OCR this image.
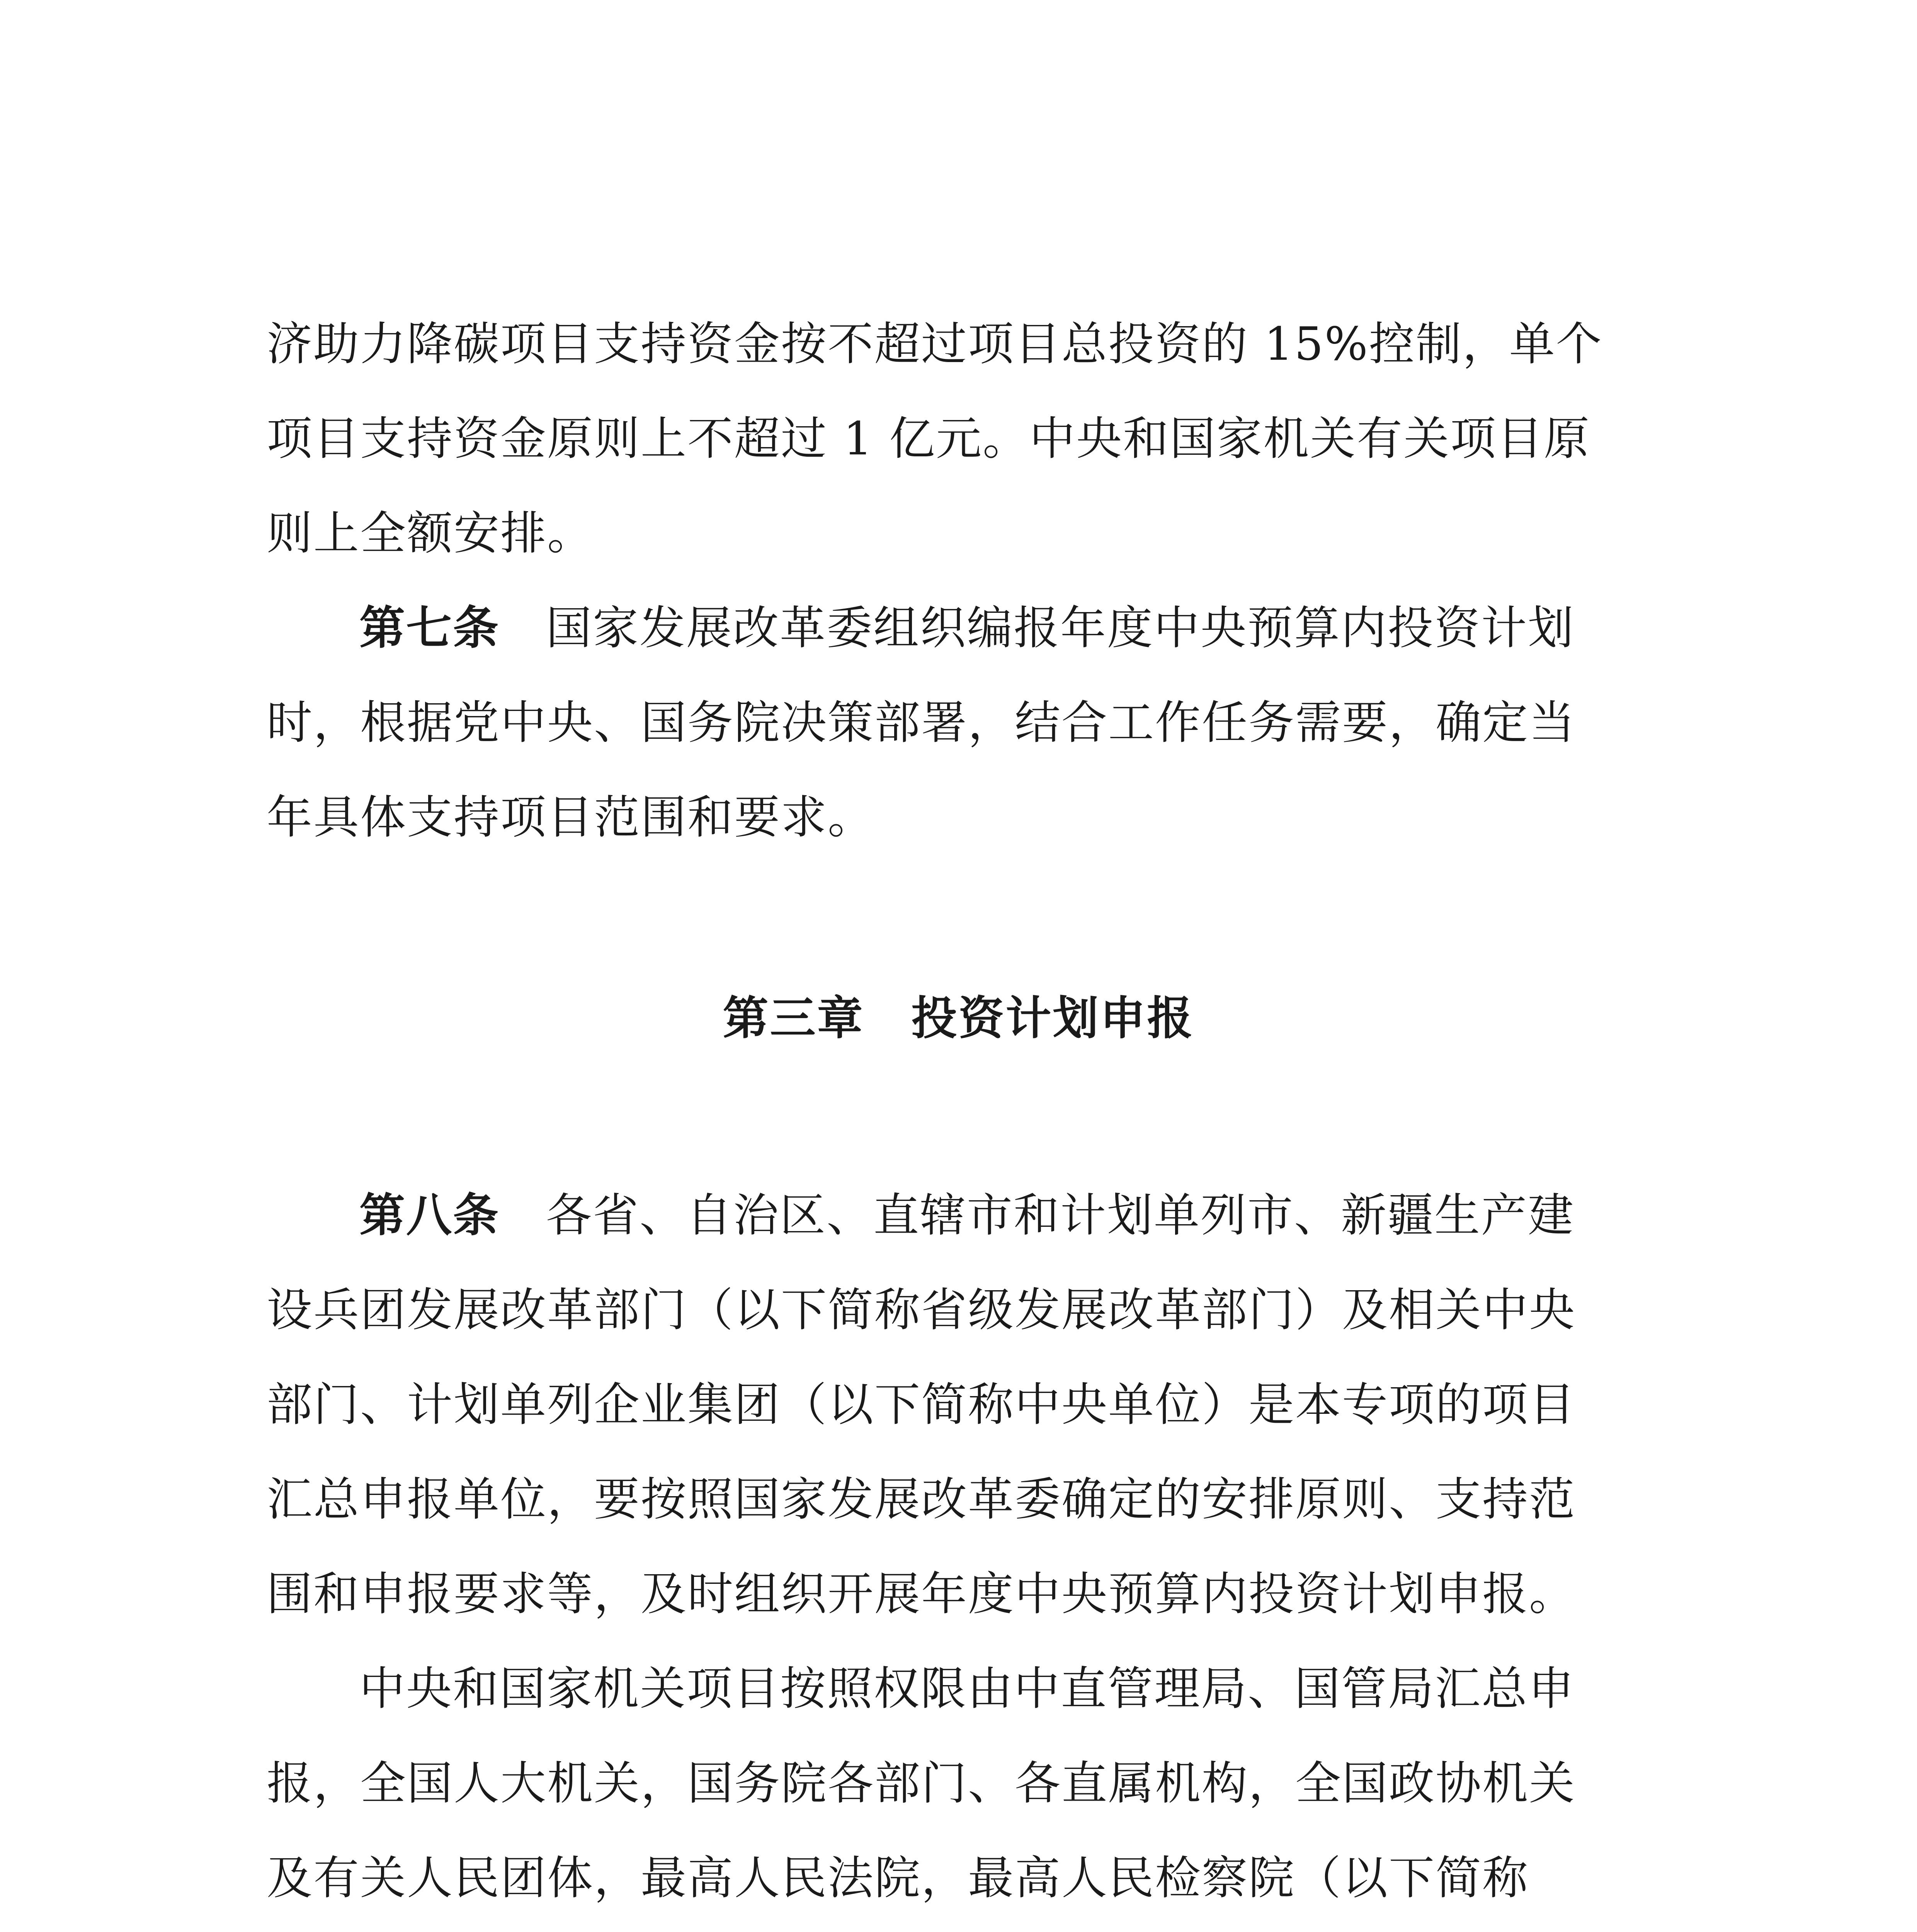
济助力降碳项目支持资金按不超过项目总投资的 15%控制，单个

项目支持资金原则上不超过 1 亿元。中央和国家机关有关项目原

则上全额安排。

第七条 国家发展改革委组织编报年度中央预算内投资计划

时，根据党中央、国务院决策部署，结合工作任务需要，确定当

年具体支持项目范围和要求。

第三章　投资计划申报

第八条 各省、自治区、直辖市和计划单列市、新疆生产建

设兵团发展改革部门（以下简称省级发展改革部门）及相关中央

部门、计划单列企业集团（以下简称中央单位）是本专项的项目

汇总申报单位，要按照国家发展改革委确定的安排原则、支持范

围和申报要求等，及时组织开展年度中央预算内投资计划申报。

中央和国家机关项目按照权限由中直管理局、国管局汇总申

报，全国人大机关，国务院各部门、各直属机构，全国政协机关

及有关人民团体，最高人民法院，最高人民检察院（以下简称
